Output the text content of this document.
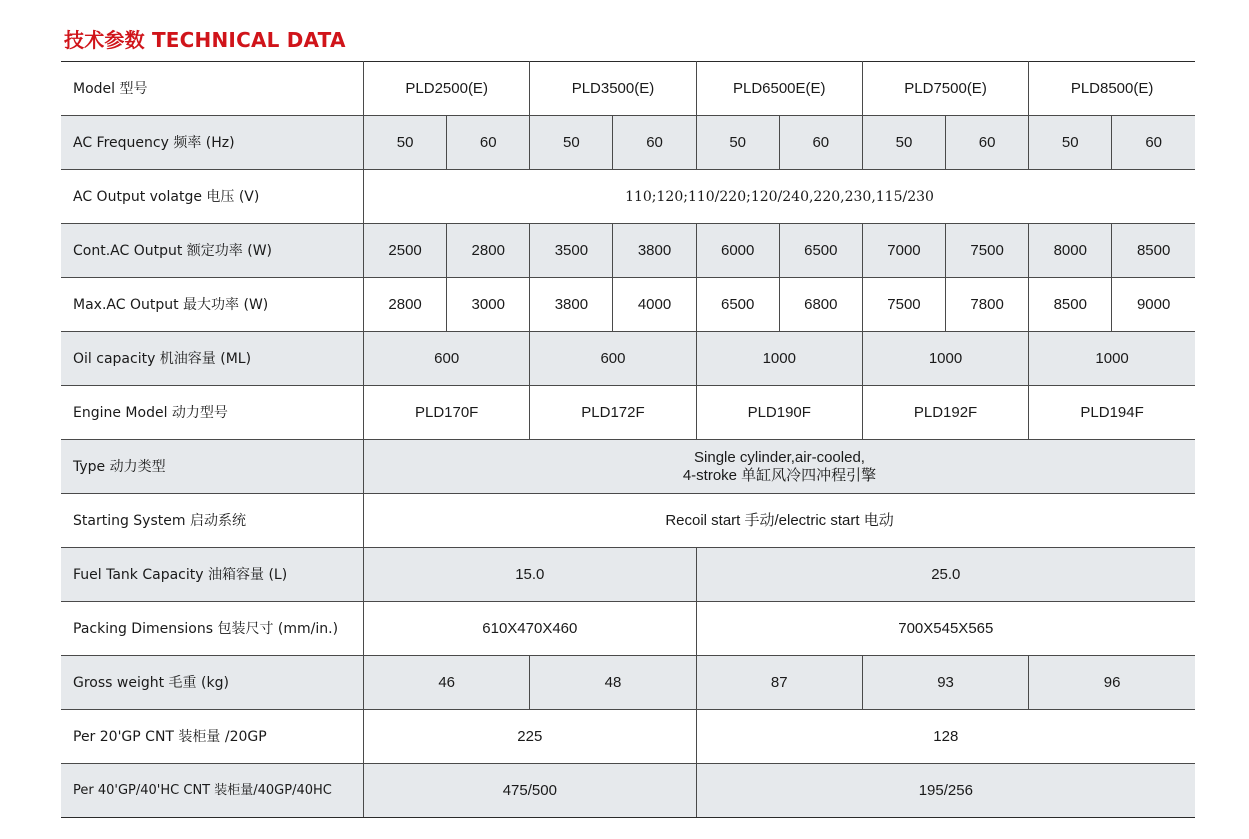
技术参数 TECHNICAL DATA
Model 型号	PLD2500(E)		PLD3500(E)		PLD6500E(E)		PLD7500(E)		PLD8500(E)	
AC Frequency 频率 (Hz)	50	60	50	60	50	60	50	60	50	60
AC Output volatge 电压 (V)	110;120;110/220;120/240,220,230,115/230									
Cont.AC Output 额定功率 (W)	2500	2800	3500	3800	6000	6500	7000	7500	8000	8500
Max.AC Output 最大功率 (W)	2800	3000	3800	4000	6500	6800	7500	7800	8500	9000
Oil capacity 机油容量 (ML)	600		600		1000		1000		1000	
Engine Model 动力型号	PLD170F		PLD172F		PLD190F		PLD192F		PLD194F	
Type 动力类型	Single cylinder,air-cooled,
4-stroke 单缸风冷四冲程引擎									

Starting System 启动系统	Recoil start 手动/electric start 电动									
Fuel Tank Capacity 油箱容量 (L)	15.0				25.0					
Packing Dimensions 包装尺寸 (mm/in.)	610X470X460				700X545X565					
Gross weight 毛重 (kg)	46		48		87		93		96	
Per 20'GP CNT 装柜量 /20GP	225				128					
Per 40'GP/40'HC CNT 装柜量/40GP/40HC	475/500				195/256					
